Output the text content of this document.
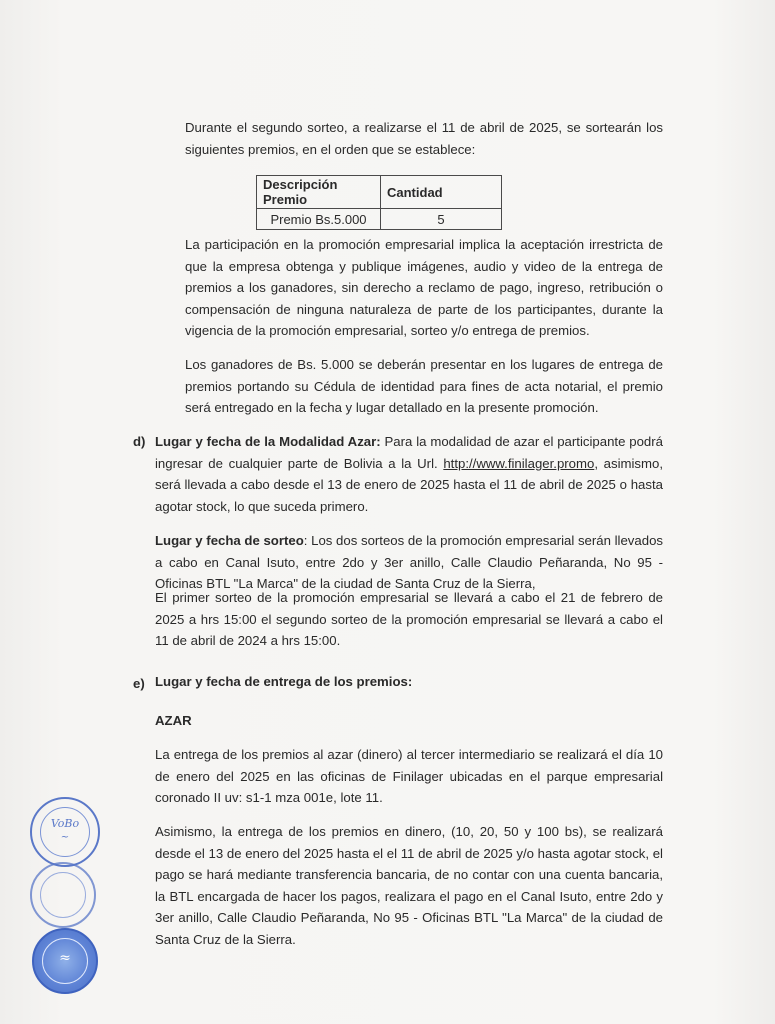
Durante el segundo sorteo, a realizarse el 11 de abril de 2025, se sortearán los siguientes premios, en el orden que se establece:

Descripción Premio	Cantidad
Premio Bs.5.000	5

La participación en la promoción empresarial implica la aceptación irrestricta de que la empresa obtenga y publique imágenes, audio y video de la entrega de premios a los ganadores, sin derecho a reclamo de pago, ingreso, retribución o compensación de ninguna naturaleza de parte de los participantes, durante la vigencia de la promoción empresarial, sorteo y/o entrega de premios.

Los ganadores de Bs. 5.000 se deberán presentar en los lugares de entrega de premios portando su Cédula de identidad para fines de acta notarial, el premio será entregado en la fecha y lugar detallado en la presente promoción.

d) Lugar y fecha de la Modalidad Azar: Para la modalidad de azar el participante podrá ingresar de cualquier parte de Bolivia a la Url. http://www.finilager.promo, asimismo, será llevada a cabo desde el 13 de enero de 2025 hasta el 11 de abril de 2025 o hasta agotar stock, lo que suceda primero.

Lugar y fecha de sorteo: Los dos sorteos de la promoción empresarial serán llevados a cabo en Canal Isuto, entre 2do y 3er anillo, Calle Claudio Peñaranda, No 95 - Oficinas BTL "La Marca" de la ciudad de Santa Cruz de la Sierra,

El primer sorteo de la promoción empresarial se llevará a cabo el 21 de febrero de 2025 a hrs 15:00 el segundo sorteo de la promoción empresarial se llevará a cabo el 11 de abril de 2024 a hrs 15:00.

e) Lugar y fecha de entrega de los premios:
AZAR

La entrega de los premios al azar (dinero) al tercer intermediario se realizará el día 10 de enero del 2025 en las oficinas de Finilager ubicadas en el parque empresarial coronado II uv: s1-1 mza 001e, lote 11.

Asimismo, la entrega de los premios en dinero, (10, 20, 50 y 100 bs), se realizará desde el 13 de enero del 2025 hasta el el 11 de abril de 2025 y/o hasta agotar stock, el pago se hará mediante transferencia bancaria, de no contar con una cuenta bancaria, la BTL encargada de hacer los pagos, realizara el pago en el Canal Isuto, entre 2do y 3er anillo, Calle Claudio Peñaranda, No 95 - Oficinas BTL "La Marca" de la ciudad de Santa Cruz de la Sierra.

VoBo
~
≈
